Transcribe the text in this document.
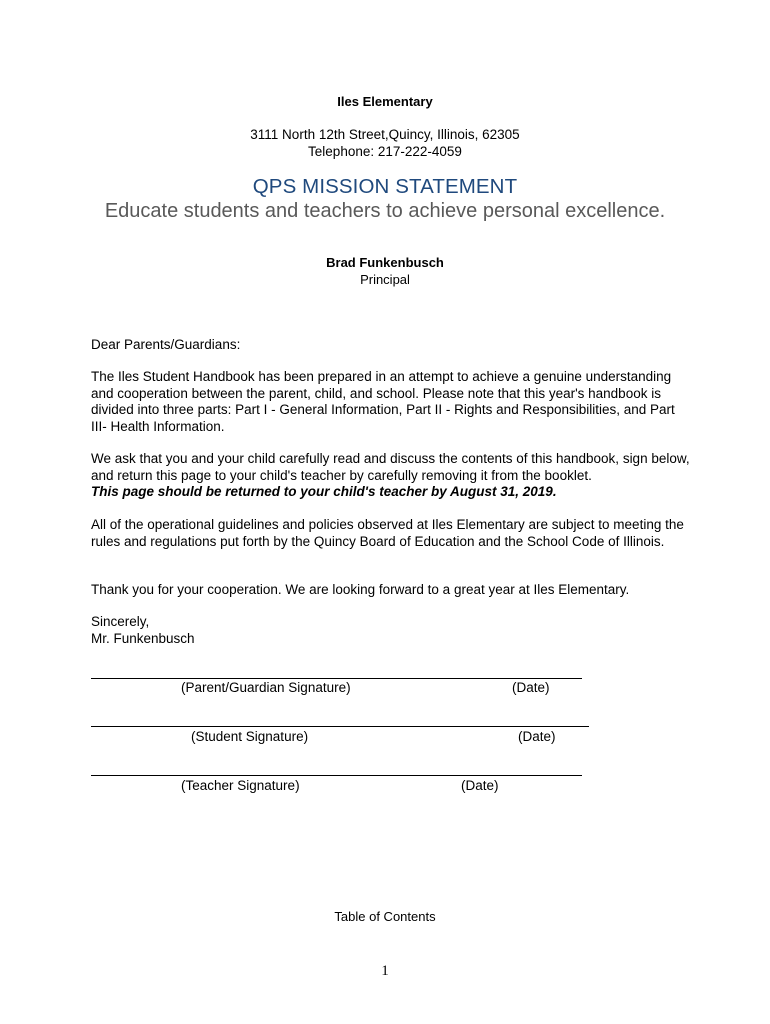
Iles Elementary
3111 North 12th Street,Quincy, Illinois, 62305
Telephone: 217-222-4059
QPS MISSION STATEMENT
Educate students and teachers to achieve personal excellence.
Brad Funkenbusch
Principal
Dear Parents/Guardians:

The Iles Student Handbook has been prepared in an attempt to achieve a genuine understanding and cooperation between the parent, child, and school. Please note that this year's handbook is divided into three parts: Part I - General Information, Part II - Rights and Responsibilities, and Part III- Health Information.

We ask that you and your child carefully read and discuss the contents of this handbook, sign below, and return this page to your child's teacher by carefully removing it from the booklet.
This page should be returned to your child's teacher by August 31, 2019.

All of the operational guidelines and policies observed at Iles Elementary are subject to meeting the rules and regulations put forth by the Quincy Board of Education and the School Code of Illinois.

Thank you for your cooperation. We are looking forward to a great year at Iles Elementary.

Sincerely,
Mr. Funkenbusch
(Parent/Guardian Signature)	(Date)
(Student Signature)	(Date)
(Teacher Signature)	(Date)
Table of Contents
1
